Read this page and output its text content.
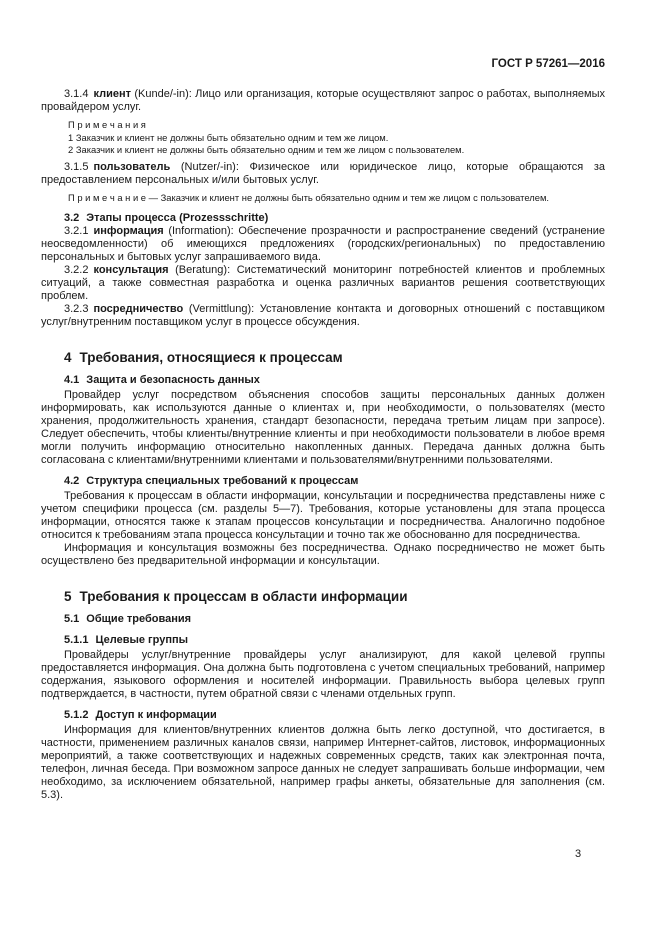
ГОСТ Р 57261—2016

3.1.4 клиент (Kunde/-in): Лицо или организация, которые осуществляют запрос о работах, выполняемых провайдером услуг.

П р и м е ч а н и я

1 Заказчик и клиент не должны быть обязательно одним и тем же лицом.

2 Заказчик и клиент не должны быть обязательно одним и тем же лицом с пользователем.

3.1.5 пользователь (Nutzer/-in): Физическое или юридическое лицо, которые обращаются за предоставлением персональных и/или бытовых услуг.

П р и м е ч а н и е — Заказчик и клиент не должны быть обязательно одним и тем же лицом с пользователем.

3.2 Этапы процесса (Prozessschritte)

3.2.1 информация (Information): Обеспечение прозрачности и распространение сведений (устранение неосведомленности) об имеющихся предложениях (городских/региональных) по предоставлению персональных и бытовых услуг запрашиваемого вида.

3.2.2 консультация (Beratung): Систематический мониторинг потребностей клиентов и проблемных ситуаций, а также совместная разработка и оценка различных вариантов решения соответствующих проблем.

3.2.3 посредничество (Vermittlung): Установление контакта и договорных отношений с поставщиком услуг/внутренним поставщиком услуг в процессе обсуждения.

4 Требования, относящиеся к процессам
4.1 Защита и безопасность данных

Провайдер услуг посредством объяснения способов защиты персональных данных должен информировать, как используются данные о клиентах и, при необходимости, о пользователях (место хранения, продолжительность хранения, стандарт безопасности, передача третьим лицам при запросе). Следует обеспечить, чтобы клиенты/внутренние клиенты и при необходимости пользователи в любое время могли получить информацию относительно накопленных данных. Передача данных должна быть согласована с клиентами/внутренними клиентами и пользователями/внутренними пользователями.

4.2 Структура специальных требований к процессам

Требования к процессам в области информации, консультации и посредничества представлены ниже с учетом специфики процесса (см. разделы 5—7). Требования, которые установлены для этапа процесса информации, относятся также к этапам процессов консультации и посредничества. Аналогично подобное относится к требованиям этапа процесса консультации и точно так же обоснованно для посредничества.

Информация и консультация возможны без посредничества. Однако посредничество не может быть осуществлено без предварительной информации и консультации.

5 Требования к процессам в области информации
5.1 Общие требования
5.1.1 Целевые группы

Провайдеры услуг/внутренние провайдеры услуг анализируют, для какой целевой группы предоставляется информация. Она должна быть подготовлена с учетом специальных требований, например содержания, языкового оформления и носителей информации. Правильность выбора целевых групп подтверждается, в частности, путем обратной связи с членами отдельных групп.

5.1.2 Доступ к информации

Информация для клиентов/внутренних клиентов должна быть легко доступной, что достигается, в частности, применением различных каналов связи, например Интернет-сайтов, листовок, информационных мероприятий, а также соответствующих и надежных современных средств, таких как электронная почта, телефон, личная беседа. При возможном запросе данных не следует запрашивать больше информации, чем необходимо, за исключением обязательной, например графы анкеты, обязательные для заполнения (см. 5.3).

3
